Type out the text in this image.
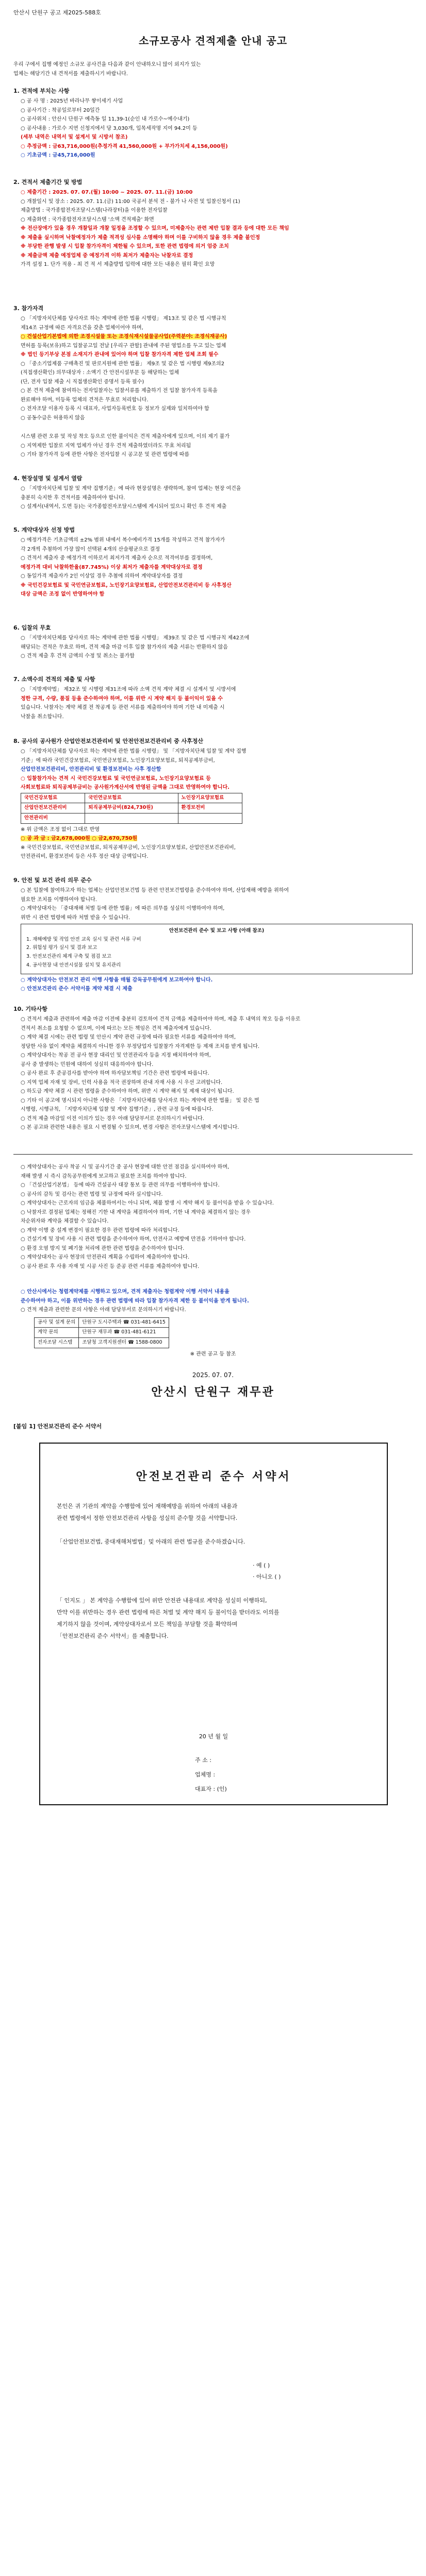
안산시 단원구 공고 제2025-588호
소규모공사 견적제출 안내 공고

우리 구에서 집행 예정인 소규모 공사건을 다음과 같이 안내하오니 많이 외지가 있는

업체는 해당기간 내 견적서를 제출하시기 바랍니다.

1. 견적에 부치는 사항

○ 공 사 명 : 2025년 바라나무 쌓이세기 사업

○ 공사기간 : 착공일로부터 20일간

○ 공사위치 : 안산시 단원구 예측동 일 11,39-1(순인 내 가로수~예수내기)

○ 공사내용 : 가로수 지연 신청지에서 당 3,030개, 입목세작명 지여 94.2미 등

(세부 내역은 내역서 및 설계서 및 시방서 참조)

○ 추정금액 : 금63,716,000원(추정가격 41,560,000원 + 부가가치세 4,156,000원)

○ 기초금액 : 금45,716,000원

2. 견적서 제출기간 및 방법

○ 제출기간 : 2025. 07. 07.(월) 10:00 ~ 2025. 07. 11.(금) 10:00

○ 개찰일시 및 장소 : 2025. 07. 11.(금) 11:00 국공서 분석 전 - 불가 나 사전 및 입찰신청서 (1)

제출방법 : 국가종합전자조달시스템(나라장터)을 이용한 전자입찰

○ 제출화면 : 국가종합전자조달시스템 '소액 견적제출' 화면

※ 전산장애가 있을 경우 개찰일과 개찰 일정을 조정할 수 있으며, 미제출자는 관련 제반 입찰 결과 등에 대한 모든 책임

※ 제출을 실시하며 낙찰예정자가 제출 적격성 심사를 소명해야 하며 이를 구비하지 않을 경우 제출 불인정

※ 부당한 관행 발생 시 입찰 참가자격이 제한될 수 있으며, 또한 관련 법령에 의거 엄중 조치

※ 제출금액 제출 예정업체 중 예정가격 이하 최저가 제출자는 낙찰자로 결정

가격 설정 1. 단가 적용 - 최 견 적 서 제출방법 입력에 대한 모든 내용은 필히 확인 요망

3. 참가자격

○ 「지방자치단체를 당사자로 하는 계약에 관한 법률 시행령」 제13조 및 같은 법 시행규칙

제14조 규정에 따른 자격요건을 갖춘 업체이어야 하며,

○ 건설산업기본법에 의한 조경시설물 또는 조경식재시설물공사업(주력분야: 조경식재공사)

면허를 등록(보유)하고 입찰공고일 전날 [우리구 관할] 관내에 주된 영업소를 두고 있는 업체

※ 법인 등기부상 본점 소재지가 관내에 있어야 하며 입찰 참가자격 제한 업체 조회 필수

○ 「중소기업제품 구매촉진 및 판로지원에 관한 법률」 제9조 및 같은 법 시행령 제9조의2

(직접생산확인) 의무대상자 : 소액기 간 안전시설부문 등 해당하는 업체

(단, 전자 입찰 제출 시 직접생산확인 증명서 등록 필수)

○ 본 견적 제출에 참여하는 전자입찰자는 입찰서류를 제출하기 전 입찰 참가자격 등록을

완료해야 하며, 미등록 업체의 견적은 무효로 처리합니다.

○ 전자조달 이용자 등록 시 대표자, 사업자등록번호 등 정보가 실제와 일치하여야 함

○ 공동수급은 허용하지 않음

시스템 관련 오류 및 작성 착오 등으로 인한 불이익은 견적 제출자에게 있으며, 이의 제기 불가

○ 지역제한 입찰로 지역 업체가 아닌 경우 견적 제출하였더라도 무효 처리됨

○ 기타 참가자격 등에 관한 사항은 전자입찰 시 공고문 및 관련 법령에 따름

4. 현장설명 및 설계서 열람

○ 「지방자치단체 입찰 및 계약 집행기준」에 따라 현장설명은 생략하며, 참여 업체는 현장 여건을

충분히 숙지한 후 견적서를 제출하여야 합니다.

○ 설계서(내역서, 도면 등)는 국가종합전자조달시스템에 게시되어 있으니 확인 후 견적 제출

5. 계약대상자 선정 방법

○ 예정가격은 기초금액의 ±2% 범위 내에서 복수예비가격 15개를 작성하고 견적 참가자가

각 2개씩 추첨하여 가장 많이 선택된 4개의 산술평균으로 결정

○ 견적서 제출자 중 예정가격 이하로서 최저가격 제출자 순으로 적격여부를 결정하며,

예정가격 대비 낙찰하한율(87.745%) 이상 최저가 제출자를 계약대상자로 결정

○ 동일가격 제출자가 2인 이상일 경우 추첨에 의하여 계약대상자를 결정

※ 국민건강보험료 및 국민연금보험료, 노인장기요양보험료, 산업안전보건관리비 등 사후정산

대상 금액은 조정 없이 반영하여야 함

6. 입찰의 무효

○ 「지방자치단체를 당사자로 하는 계약에 관한 법률 시행령」 제39조 및 같은 법 시행규칙 제42조에

해당되는 견적은 무효로 하며, 견적 제출 마감 이후 입찰 참가자의 제출 서류는 반환하지 않음

○ 견적 제출 후 견적 금액의 수정 및 취소는 불가함

7. 소액수의 견적의 제출 및 사항

○ 「지방계약법」 제32조 및 시행령 제31조에 따라 소액 견적 계약 체결 시 설계서 및 시방서에

정한 규격, 수량, 품질 등을 준수하여야 하며, 이를 위반 시 계약 해지 등 불이익이 있을 수

있습니다. 낙찰자는 계약 체결 전 착공계 등 관련 서류를 제출하여야 하며 기한 내 미제출 시

낙찰을 취소합니다.

8. 공사의 공사원가 산업안전보건관리비 및 안전안전보건관리비 중 사후정산

○ 「지방자치단체를 당사자로 하는 계약에 관한 법률 시행령」 및 「지방자치단체 입찰 및 계약 집행

기준」에 따라 국민건강보험료, 국민연금보험료, 노인장기요양보험료, 퇴직공제부금비,

산업안전보건관리비, 안전관리비 및 환경보전비는 사후 정산함

○ 입찰참가자는 견적 시 국민건강보험료 및 국민연금보험료, 노인장기요양보험료 등

사회보험료와 퇴직공제부금비는 공사원가계산서에 반영된 금액을 그대로 반영하여야 합니다.

국민건강보험료	국민연금보험료	노인장기요양보험료
산업안전보건관리비	퇴직공제부금비(824,730원)	환경보전비
안전관리비		

※ 위 금액은 조정 없이 그대로 반영

○ 공 과 금 : 금2,678,000원 ○ 금2,670,750원

※ 국민건강보험료, 국민연금보험료, 퇴직공제부금비, 노인장기요양보험료, 산업안전보건관리비,

안전관리비, 환경보전비 등은 사후 정산 대상 금액입니다.

9. 안전 및 보건 관리 의무 준수

○ 본 입찰에 참여하고자 하는 업체는 산업안전보건법 등 관련 안전보건법령을 준수하여야 하며, 산업재해 예방을 위하여

필요한 조치를 이행하여야 합니다.

○ 계약상대자는 「중대재해 처벌 등에 관한 법률」에 따른 의무를 성실히 이행하여야 하며,

위반 시 관련 법령에 따라 처벌 받을 수 있습니다.

안전보건관리 준수 및 보고 사항 (아래 참조)

1. 재해예방 및 작업 안전 교육 실시 및 관련 서류 구비

2. 위험성 평가 실시 및 결과 보고

3. 안전보건관리 체계 구축 및 점검 보고

4. 공사현장 내 안전시설물 설치 및 유지관리

○ 계약상대자는 안전보건 관리 이행 사항을 매월 감독공무원에게 보고하여야 합니다.

○ 안전보건관리 준수 서약서를 계약 체결 시 제출

10. 기타사항

○ 견적서 제출과 관련하여 제출 마감 이전에 충분히 검토하여 견적 금액을 제출하여야 하며, 제출 후 내역의 착오 등을 이유로

견적서 취소를 요청할 수 없으며, 이에 따르는 모든 책임은 견적 제출자에게 있습니다.

○ 계약 체결 시에는 관련 법령 및 안산시 계약 관련 규정에 따라 필요한 서류를 제출하여야 하며,

정당한 사유 없이 계약을 체결하지 아니한 경우 부정당업자 입찰참가 자격제한 등 제재 조치를 받게 됩니다.

○ 계약상대자는 착공 전 공사 현장 대리인 및 안전관리자 등을 지정 배치하여야 하며,

공사 중 발생하는 민원에 대하여 성실히 대응하여야 합니다.

○ 공사 완료 후 준공검사를 받아야 하며 하자담보책임 기간은 관련 법령에 따릅니다.

○ 지역 업체 자재 및 장비, 인력 사용을 적극 권장하며 관내 자재 사용 시 우선 고려합니다.

○ 하도급 계약 체결 시 관련 법령을 준수하여야 하며, 위반 시 계약 해지 및 제재 대상이 됩니다.

○ 기타 이 공고에 명시되지 아니한 사항은 「지방자치단체를 당사자로 하는 계약에 관한 법률」 및 같은 법

시행령, 시행규칙, 「지방자치단체 입찰 및 계약 집행기준」, 관련 규정 등에 따릅니다.

○ 견적 제출 마감일 이전 이의가 있는 경우 아래 담당부서로 문의하시기 바랍니다.

○ 본 공고와 관련한 내용은 필요 시 변경될 수 있으며, 변경 사항은 전자조달시스템에 게시합니다.

○ 계약상대자는 공사 착공 시 및 공사기간 중 공사 현장에 대한 안전 점검을 실시하여야 하며,

재해 발생 시 즉시 감독공무원에게 보고하고 필요한 조치를 하여야 합니다.

○ 「건설산업기본법」 등에 따라 건설공사 대장 통보 등 관련 의무를 이행하여야 합니다.

○ 공사의 감독 및 검사는 관련 법령 및 규정에 따라 실시합니다.

○ 계약상대자는 근로자의 임금을 체불하여서는 아니 되며, 체불 발생 시 계약 해지 등 불이익을 받을 수 있습니다.

○ 낙찰자로 결정된 업체는 정해진 기한 내 계약을 체결하여야 하며, 기한 내 계약을 체결하지 않는 경우

차순위자와 계약을 체결할 수 있습니다.

○ 계약 이행 중 설계 변경이 필요한 경우 관련 법령에 따라 처리합니다.

○ 건설기계 및 장비 사용 시 관련 법령을 준수하여야 하며, 안전사고 예방에 만전을 기하여야 합니다.

○ 환경 오염 방지 및 폐기물 처리에 관한 관련 법령을 준수하여야 합니다.

○ 계약상대자는 공사 현장의 안전관리 계획을 수립하여 제출하여야 합니다.

○ 공사 완료 후 사용 자재 및 시공 사진 등 준공 관련 서류를 제출하여야 합니다.

○ 안산시에서는 청렴계약제를 시행하고 있으며, 견적 제출자는 청렴계약 이행 서약서 내용을

준수하여야 하고, 이를 위반하는 경우 관련 법령에 따라 입찰 참가자격 제한 등 불이익을 받게 됩니다.

○ 견적 제출과 관련한 문의 사항은 아래 담당부서로 문의하시기 바랍니다.

공사 및 설계 문의	단원구 도시주택과 ☎ 031-481-6415
계약 문의	단원구 재무과 ☎ 031-481-6121
전자조달 시스템	조달청 고객지원센터 ☎ 1588-0800

※ 관련 공고 등 참조

2025. 07. 07.
안산시 단원구 재무관
[붙임 1] 안전보건관리 준수 서약서
안전보건관리 준수 서약서

본인은 귀 기관의 계약을 수행함에 있어 재해예방을 위하여 아래의 내용과

관련 법령에서 정한 안전보건관리 사항을 성실히 준수할 것을 서약합니다.

「산업안전보건법, 중대재해처벌법」및 아래의 관련 법규를 준수하겠습니다.

· 예 ( )

· 아니오 ( )

「 인지도 」 본 계약을 수행함에 있어 위반 안전관 내용대로 계약을 성실히 이행하되,

만약 이를 위반하는 경우 관련 법령에 따른 처벌 및 계약 해지 등 불이익을 받더라도 이의를

제기하지 않을 것이며, 계약상대자로서 모든 책임을 부담할 것을 확약하며

「안전보건관리 준수 서약서」를 제출합니다.

20 년 월 일
주 소 :
업체명 :
대표자 : (인)
